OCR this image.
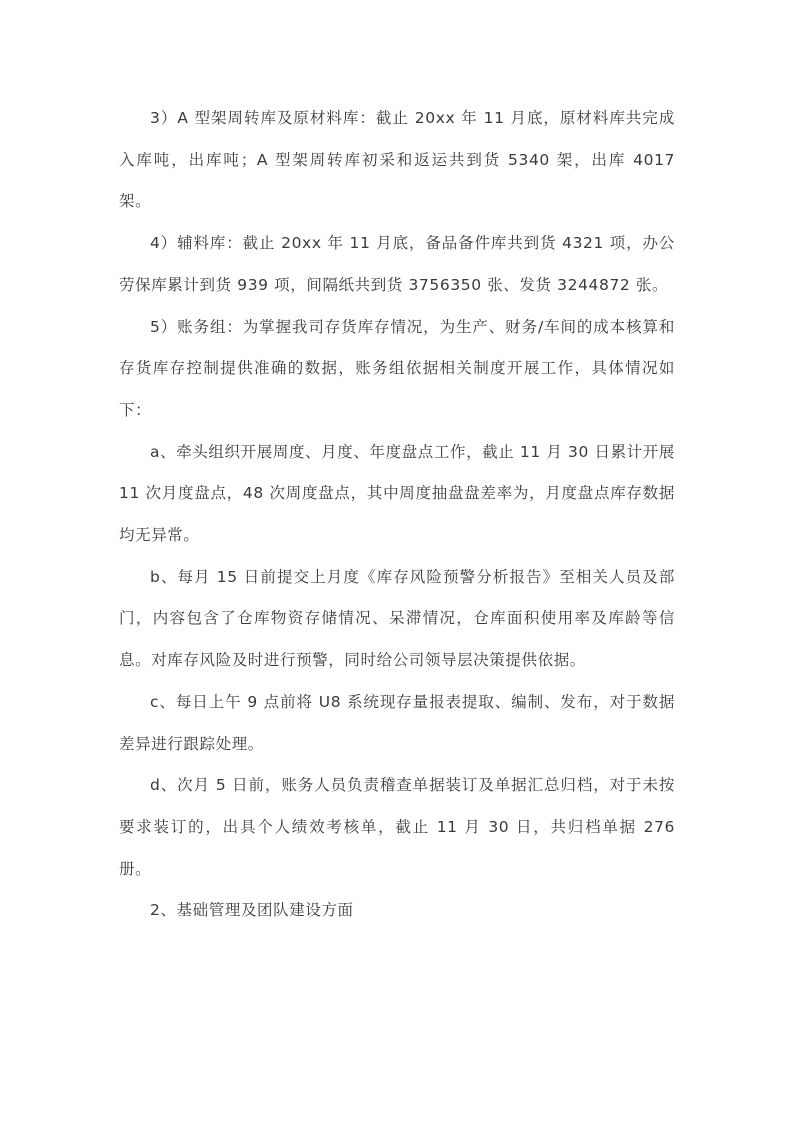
3）A 型架周转库及原材料库：截止 20xx 年 11 月底，原材料库共完成入库吨，出库吨；A 型架周转库初采和返运共到货 5340 架，出库 4017 架。

4）辅料库：截止 20xx 年 11 月底，备品备件库共到货 4321 项，办公劳保库累计到货 939 项，间隔纸共到货 3756350 张、发货 3244872 张。

5）账务组：为掌握我司存货库存情况，为生产、财务/车间的成本核算和存货库存控制提供准确的数据，账务组依据相关制度开展工作，具体情况如下：

a、牵头组织开展周度、月度、年度盘点工作，截止 11 月 30 日累计开展 11 次月度盘点，48 次周度盘点，其中周度抽盘盘差率为，月度盘点库存数据均无异常。

b、每月 15 日前提交上月度《库存风险预警分析报告》至相关人员及部门，内容包含了仓库物资存储情况、呆滞情况，仓库面积使用率及库龄等信息。对库存风险及时进行预警，同时给公司领导层决策提供依据。

c、每日上午 9 点前将 U8 系统现存量报表提取、编制、发布，对于数据差异进行跟踪处理。

d、次月 5 日前，账务人员负责稽查单据装订及单据汇总归档，对于未按要求装订的，出具个人绩效考核单，截止 11 月 30 日，共归档单据 276 册。

2、基础管理及团队建设方面
